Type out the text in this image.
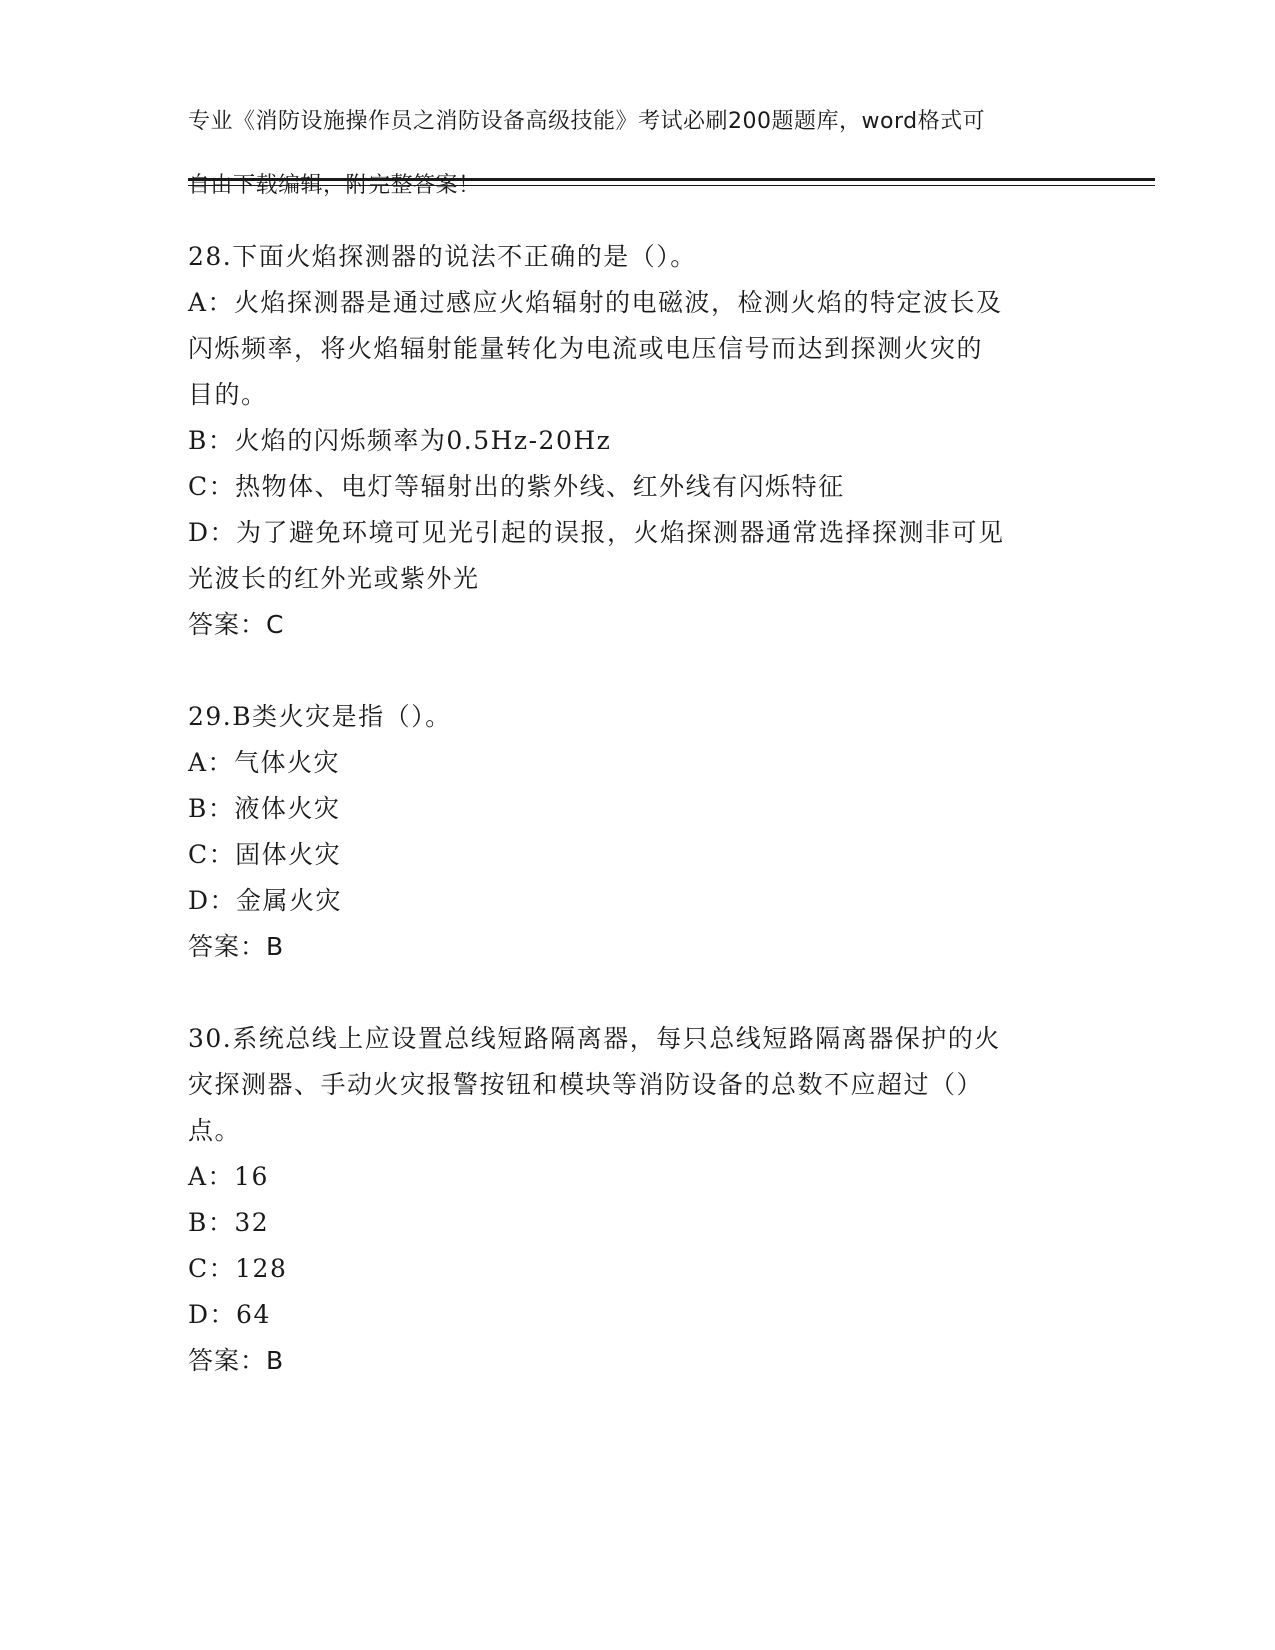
专业《消防设施操作员之消防设备高级技能》考试必刷200题题库，word格式可

自由下载编辑，附完整答案！

28.下面火焰探测器的说法不正确的是（）。
A：火焰探测器是通过感应火焰辐射的电磁波，检测火焰的特定波长及
闪烁频率，将火焰辐射能量转化为电流或电压信号而达到探测火灾的
目的。
B：火焰的闪烁频率为0.5Hz-20Hz
C：热物体、电灯等辐射出的紫外线、红外线有闪烁特征
D：为了避免环境可见光引起的误报，火焰探测器通常选择探测非可见
光波长的红外光或紫外光
答案：C
29.B类火灾是指（）。
A：气体火灾
B：液体火灾
C：固体火灾
D：金属火灾
答案：B
30.系统总线上应设置总线短路隔离器，每只总线短路隔离器保护的火
灾探测器、手动火灾报警按钮和模块等消防设备的总数不应超过（）
点。
A：16
B：32
C：128
D：64
答案：B
